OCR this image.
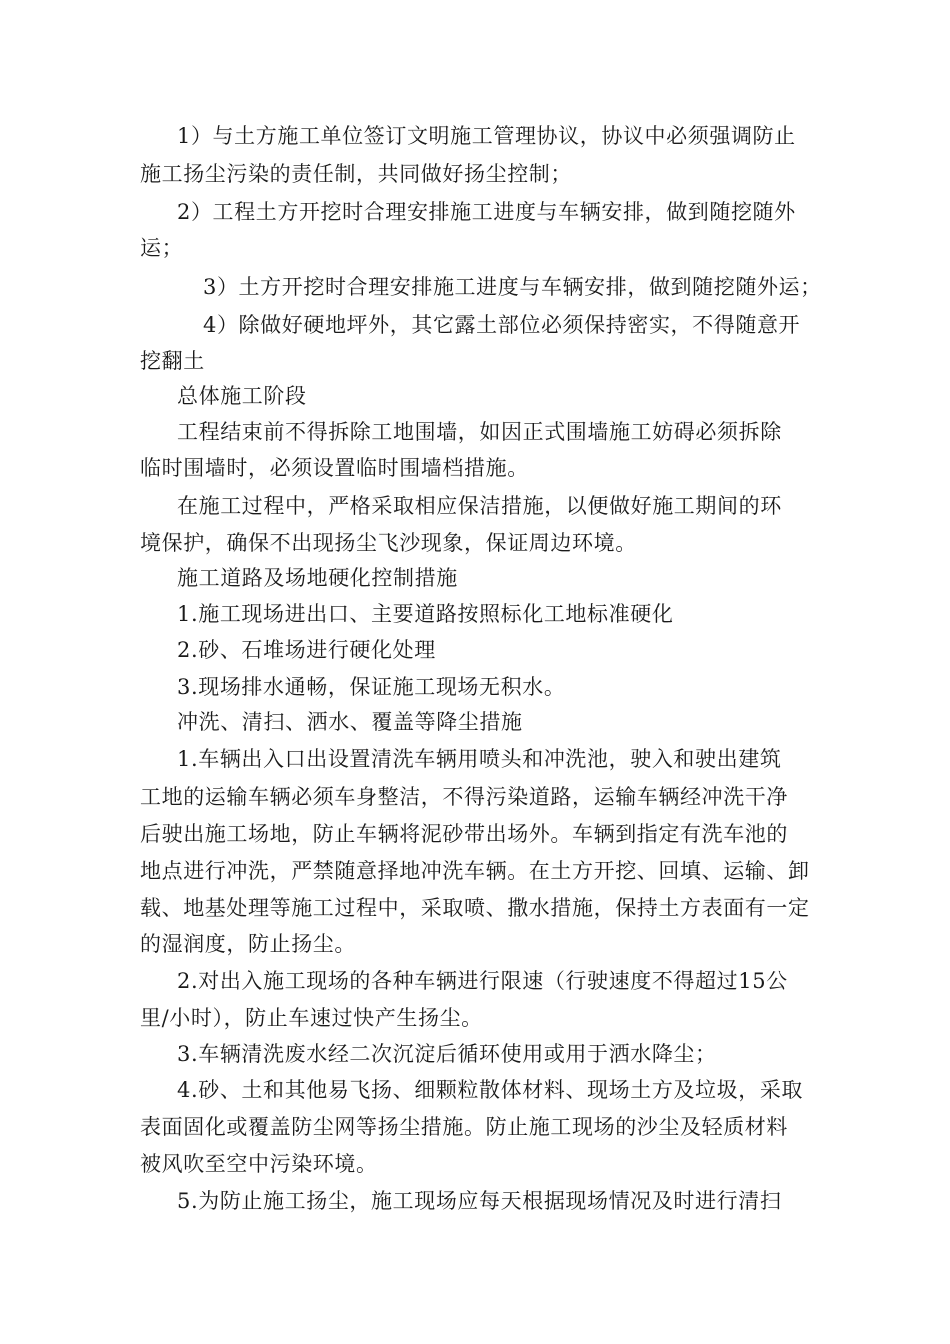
1）与土方施工单位签订文明施工管理协议，协议中必须强调防止
施工扬尘污染的责任制，共同做好扬尘控制；
2）工程土方开挖时合理安排施工进度与车辆安排，做到随挖随外
运；
3）土方开挖时合理安排施工进度与车辆安排，做到随挖随外运；
4）除做好硬地坪外，其它露土部位必须保持密实，不得随意开
挖翻土
总体施工阶段
工程结束前不得拆除工地围墙，如因正式围墙施工妨碍必须拆除
临时围墙时，必须设置临时围墙档措施。
在施工过程中，严格采取相应保洁措施，以便做好施工期间的环
境保护，确保不出现扬尘飞沙现象，保证周边环境。
施工道路及场地硬化控制措施
1.施工现场进出口、主要道路按照标化工地标准硬化
2.砂、石堆场进行硬化处理
3.现场排水通畅，保证施工现场无积水。
冲洗、清扫、洒水、覆盖等降尘措施
1.车辆出入口出设置清洗车辆用喷头和冲洗池，驶入和驶出建筑
工地的运输车辆必须车身整洁，不得污染道路，运输车辆经冲洗干净
后驶出施工场地，防止车辆将泥砂带出场外。车辆到指定有洗车池的
地点进行冲洗，严禁随意择地冲洗车辆。在土方开挖、回填、运输、卸
载、地基处理等施工过程中，采取喷、撒水措施，保持土方表面有一定
的湿润度，防止扬尘。
2.对出入施工现场的各种车辆进行限速（行驶速度不得超过15公
里/小时），防止车速过快产生扬尘。
3.车辆清洗废水经二次沉淀后循环使用或用于洒水降尘；
4.砂、土和其他易飞扬、细颗粒散体材料、现场土方及垃圾，采取
表面固化或覆盖防尘网等扬尘措施。防止施工现场的沙尘及轻质材料
被风吹至空中污染环境。
5.为防止施工扬尘，施工现场应每天根据现场情况及时进行清扫
